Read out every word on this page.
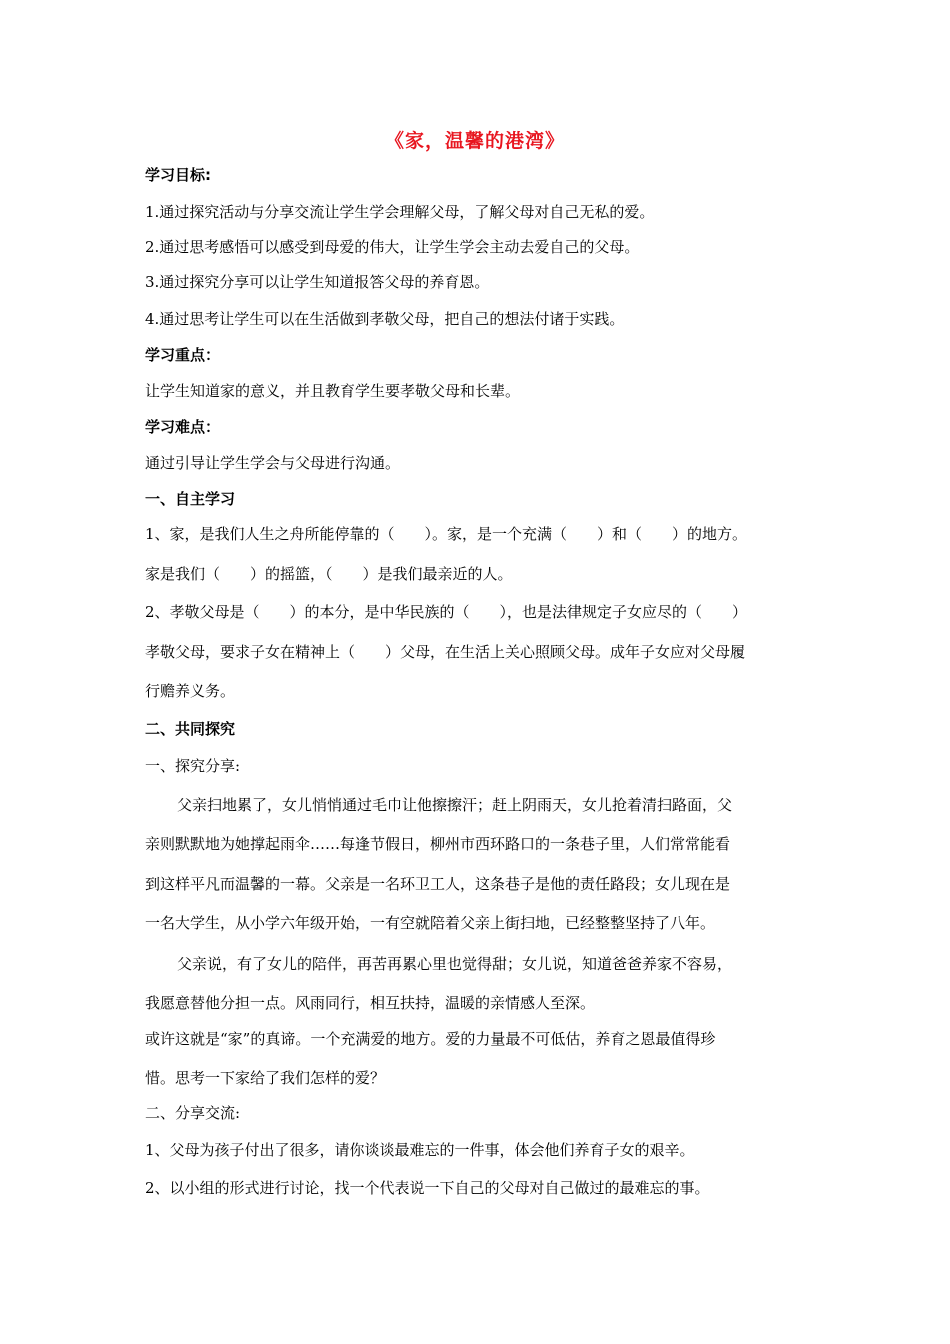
《家，温馨的港湾》
学习目标:
1.通过探究活动与分享交流让学生学会理解父母，了解父母对自己无私的爱。
2.通过思考感悟可以感受到母爱的伟大，让学生学会主动去爱自己的父母。
3.通过探究分享可以让学生知道报答父母的养育恩。
4.通过思考让学生可以在生活做到孝敬父母，把自己的想法付诸于实践。
学习重点：
让学生知道家的意义，并且教育学生要孝敬父母和长辈。
学习难点：
通过引导让学生学会与父母进行沟通。
一、自主学习
1、家，是我们人生之舟所能停靠的（　　）。家，是一个充满（　　）和（　　）的地方。
家是我们（　　）的摇篮，（　　）是我们最亲近的人。
2、孝敬父母是（　　）的本分，是中华民族的（　　），也是法律规定子女应尽的（　　）
孝敬父母，要求子女在精神上（　　）父母，在生活上关心照顾父母。成年子女应对父母履
行赡养义务。
二、共同探究
一、探究分享:
父亲扫地累了，女儿悄悄通过毛巾让他擦擦汗；赶上阴雨天，女儿抢着清扫路面，父
亲则默默地为她撑起雨伞……每逢节假日，柳州市西环路口的一条巷子里，人们常常能看
到这样平凡而温馨的一幕。父亲是一名环卫工人，这条巷子是他的责任路段；女儿现在是
一名大学生，从小学六年级开始，一有空就陪着父亲上街扫地，已经整整坚持了八年。
父亲说，有了女儿的陪伴，再苦再累心里也觉得甜；女儿说，知道爸爸养家不容易，
我愿意替他分担一点。风雨同行，相互扶持，温暖的亲情感人至深。
或许这就是“家”的真谛。一个充满爱的地方。爱的力量最不可低估，养育之恩最值得珍
惜。思考一下家给了我们怎样的爱？
二、分享交流:
1、父母为孩子付出了很多，请你谈谈最难忘的一件事，体会他们养育子女的艰辛。
2、以小组的形式进行讨论，找一个代表说一下自己的父母对自己做过的最难忘的事。
